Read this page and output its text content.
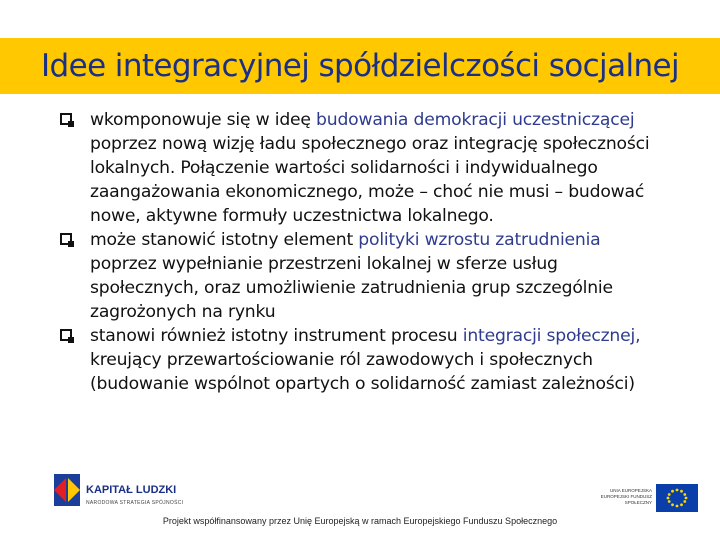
Idee integracyjnej spółdzielczości socjalnej

wkomponowuje się w ideę budowania demokracji uczestniczącej poprzez nową wizję ładu społecznego oraz integrację społeczności lokalnych. Połączenie wartości solidarności i indywidualnego zaangażowania ekonomicznego, może – choć nie musi – budować nowe, aktywne formuły uczestnictwa lokalnego.

może stanowić istotny element polityki wzrostu zatrudnienia poprzez wypełnianie przestrzeni lokalnej w sferze usług społecznych, oraz umożliwienie zatrudnienia grup szczególnie zagrożonych na rynku

stanowi również istotny instrument procesu integracji społecznej, kreujący przewartościowanie ról zawodowych i społecznych (budowanie wspólnot opartych o solidarność zamiast zależności)

KAPITAŁ LUDZKI
NARODOWA STRATEGIA SPÓJNOŚCI
UNIA EUROPEJSKA EUROPEJSKI FUNDUSZ SPOŁECZNY
Projekt współfinansowany przez Unię Europejską w ramach Europejskiego Funduszu Społecznego
